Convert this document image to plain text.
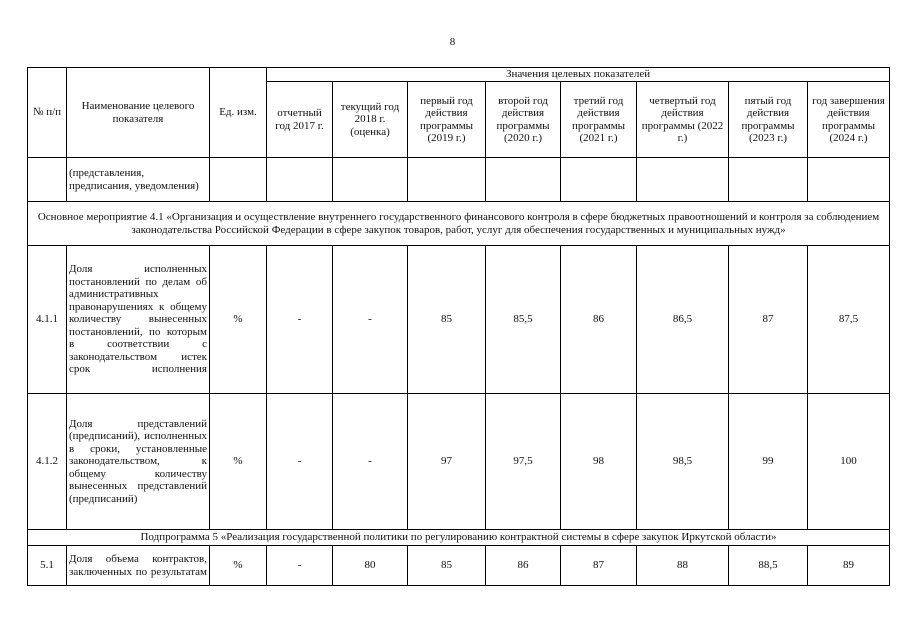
8
№ п/п	Наименование целевого показателя	Ед. изм.	Значения целевых показателей							
			отчетный год 2017 г.	текущий год 2018 г. (оценка)	первый год действия программы (2019 г.)	второй год действия программы (2020 г.)	третий год действия программы (2021 г.)	четвертый год действия программы (2022 г.)	пятый год действия программы (2023 г.)	год завершения действия программы (2024 г.)
	(представления, предписания, уведомления)									
Основное мероприятие 4.1 «Организация и осуществление внутреннего государственного финансового контроля в сфере бюджетных правоотношений и контроля за соблюдением законодательства Российской Федерации в сфере закупок товаров, работ, услуг для обеспечения государственных и муниципальных нужд»										
4.1.1	Доля исполненных постановлений по делам об административных правонарушениях к общему количеству вынесенных постановлений, по которым в соответствии с законодательством истек срок исполнения	%	-	-	85	85,5	86	86,5	87	87,5
4.1.2	Доля представлений (предписаний), исполненных в сроки, установленные законодательством, к общему количеству вынесенных представлений (предписаний)	%	-	-	97	97,5	98	98,5	99	100
Подпрограмма 5 «Реализация государственной политики по регулированию контрактной системы в сфере закупок Иркутской области»										
5.1	Доля объема контрактов, заключенных по результатам	%	-	80	85	86	87	88	88,5	89
